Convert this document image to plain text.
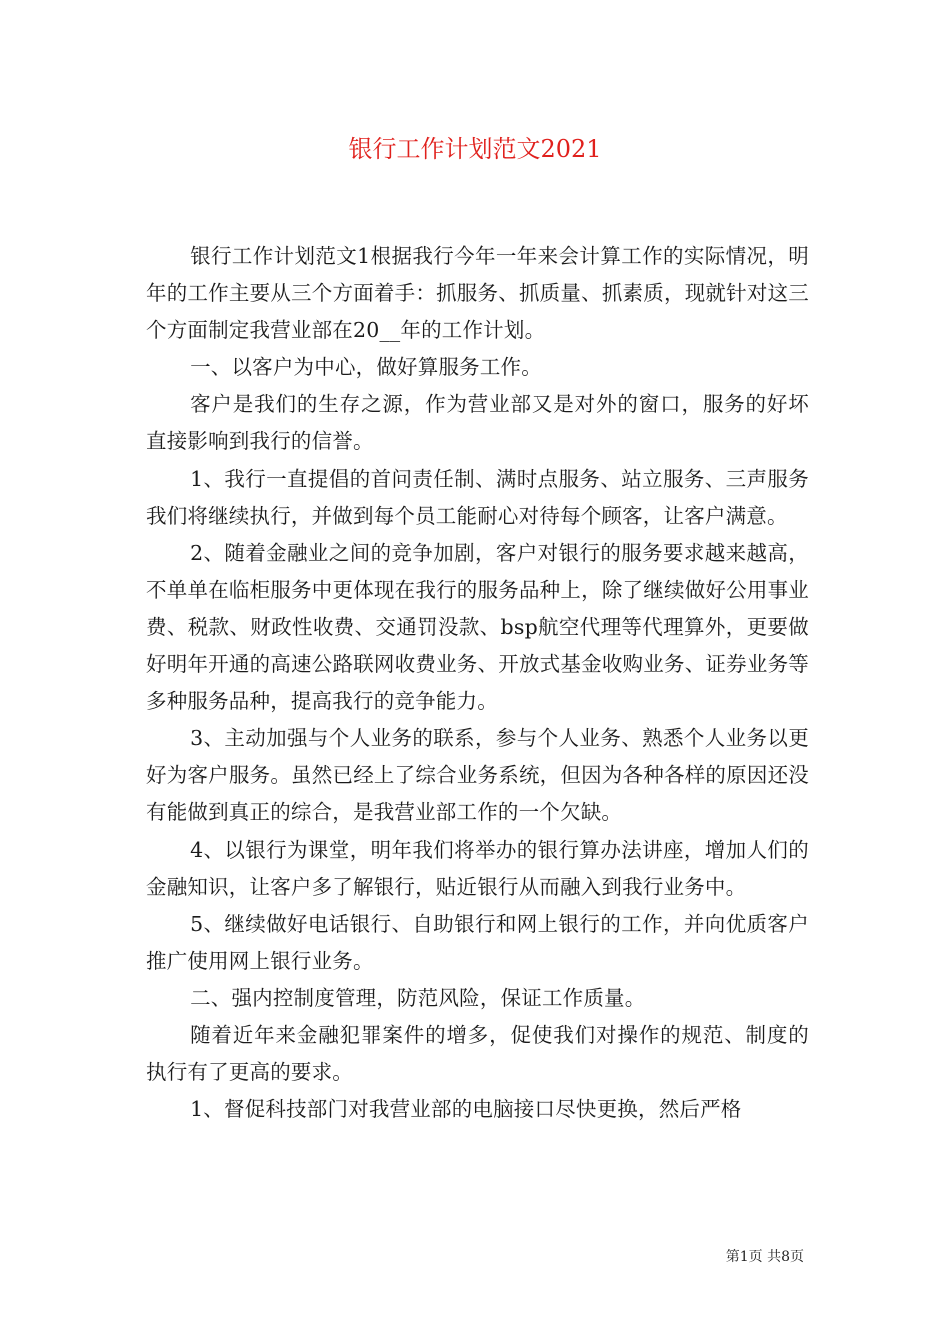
银行工作计划范文2021

银行工作计划范文1根据我行今年一年来会计算工作的实际情况，明年的工作主要从三个方面着手：抓服务、抓质量、抓素质，现就针对这三个方面制定我营业部在20__年的工作计划。

一、以客户为中心，做好算服务工作。

客户是我们的生存之源，作为营业部又是对外的窗口，服务的好坏直接影响到我行的信誉。

1、我行一直提倡的首问责任制、满时点服务、站立服务、三声服务我们将继续执行，并做到每个员工能耐心对待每个顾客，让客户满意。

2、随着金融业之间的竞争加剧，客户对银行的服务要求越来越高，不单单在临柜服务中更体现在我行的服务品种上，除了继续做好公用事业费、税款、财政性收费、交通罚没款、bsp航空代理等代理算外，更要做好明年开通的高速公路联网收费业务、开放式基金收购业务、证券业务等多种服务品种，提高我行的竞争能力。

3、主动加强与个人业务的联系，参与个人业务、熟悉个人业务以更好为客户服务。虽然已经上了综合业务系统，但因为各种各样的原因还没有能做到真正的综合，是我营业部工作的一个欠缺。

4、以银行为课堂，明年我们将举办的银行算办法讲座，增加人们的金融知识，让客户多了解银行，贴近银行从而融入到我行业务中。

5、继续做好电话银行、自助银行和网上银行的工作，并向优质客户推广使用网上银行业务。

二、强内控制度管理，防范风险，保证工作质量。

随着近年来金融犯罪案件的增多，促使我们对操作的规范、制度的执行有了更高的要求。

1、督促科技部门对我营业部的电脑接口尽快更换，然后严格

第1页 共8页
